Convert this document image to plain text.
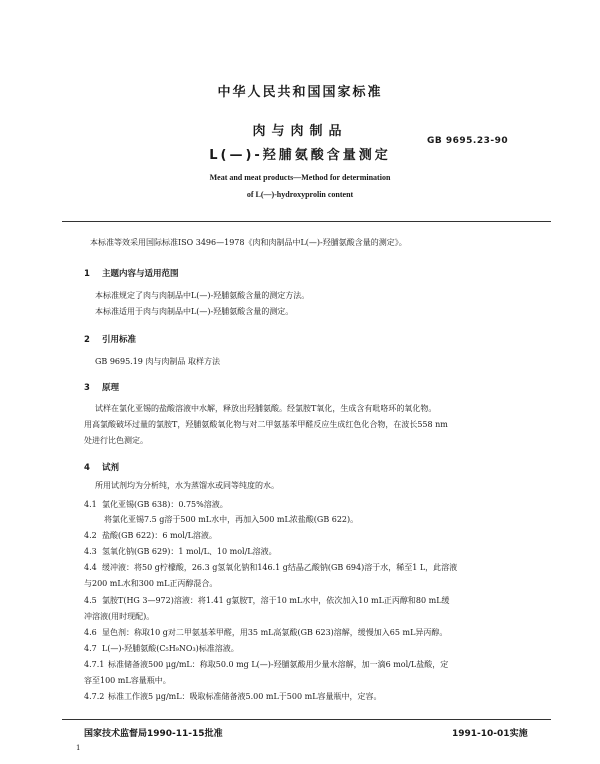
中华人民共和国国家标准
肉与肉制品
L(—)-羟脯氨酸含量测定
GB 9695.23-90
Meat and meat products—Method for determination
of L(—)-hydroxyprolin content
本标准等效采用国际标准ISO 3496—1978《肉和肉制品中L(—)-羟脯氨酸含量的测定》。
1 主题内容与适用范围
本标准规定了肉与肉制品中L(—)-羟脯氨酸含量的测定方法。
本标准适用于肉与肉制品中L(—)-羟脯氨酸含量的测定。
2 引用标准
GB 9695.19 肉与肉制品 取样方法
3 原理
试样在氯化亚锡的盐酸溶液中水解，释放出羟脯氨酸。经氯胺T氧化，生成含有吡咯环的氧化物。
用高氯酸破坏过量的氯胺T，羟脯氨酸氧化物与对二甲氨基苯甲醛反应生成红色化合物，在波长558 nm
处进行比色测定。
4 试剂
所用试剂均为分析纯，水为蒸馏水或同等纯度的水。
4.1 氯化亚锡(GB 638)：0.75%溶液。
将氯化亚锡7.5 g溶于500 mL水中，再加入500 mL浓盐酸(GB 622)。
4.2 盐酸(GB 622)：6 mol/L溶液。
4.3 氢氧化钠(GB 629)：1 mol/L、10 mol/L溶液。
4.4 缓冲液：将50 g柠檬酸，26.3 g氢氧化钠和146.1 g结晶乙酸钠(GB 694)溶于水，稀至1 L，此溶液
与200 mL水和300 mL正丙醇混合。
4.5 氯胺T(HG 3—972)溶液：将1.41 g氯胺T，溶于10 mL水中，依次加入10 mL正丙醇和80 mL缓
冲溶液(用时现配)。
4.6 显色剂：称取10 g对二甲氨基苯甲醛，用35 mL高氯酸(GB 623)溶解，缓慢加入65 mL异丙醇。
4.7 L(—)-羟脯氨酸(C₅H₉NO₃)标准溶液。
4.7.1 标准储备液500 μg/mL：称取50.0 mg L(—)-羟脯氨酸用少量水溶解，加一滴6 mol/L盐酸，定
容至100 mL容量瓶中。
4.7.2 标准工作液5 μg/mL：吸取标准储备液5.00 mL于500 mL容量瓶中，定容。
国家技术监督局1990-11-15批准	1991-10-01实施
1
